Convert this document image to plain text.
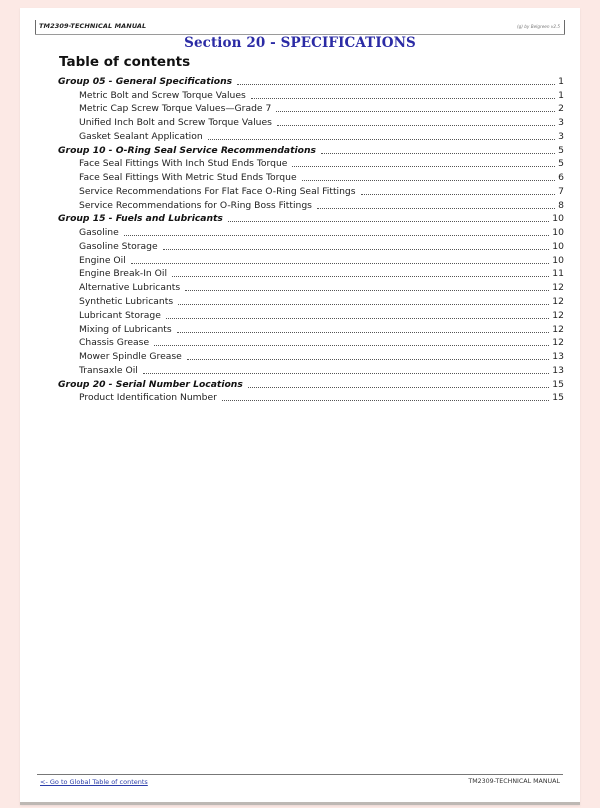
TM2309-TECHNICAL MANUAL	(g) by Belgreen v2.5
Section 20 - SPECIFICATIONS
Table of contents
Group 05 - General Specifications	1
Metric Bolt and Screw Torque Values	1
Metric Cap Screw Torque Values—Grade 7	2
Unified Inch Bolt and Screw Torque Values	3
Gasket Sealant Application	3
Group 10 - O-Ring Seal Service Recommendations	5
Face Seal Fittings With Inch Stud Ends Torque	5
Face Seal Fittings With Metric Stud Ends Torque	6
Service Recommendations For Flat Face O-Ring Seal Fittings	7
Service Recommendations for O-Ring Boss Fittings	8
Group 15 - Fuels and Lubricants	10
Gasoline	10
Gasoline Storage	10
Engine Oil	10
Engine Break-In Oil	11
Alternative Lubricants	12
Synthetic Lubricants	12
Lubricant Storage	12
Mixing of Lubricants	12
Chassis Grease	12
Mower Spindle Grease	13
Transaxle Oil	13
Group 20 - Serial Number Locations	15
Product Identification Number	15
<- Go to Global Table of contents	TM2309-TECHNICAL MANUAL
